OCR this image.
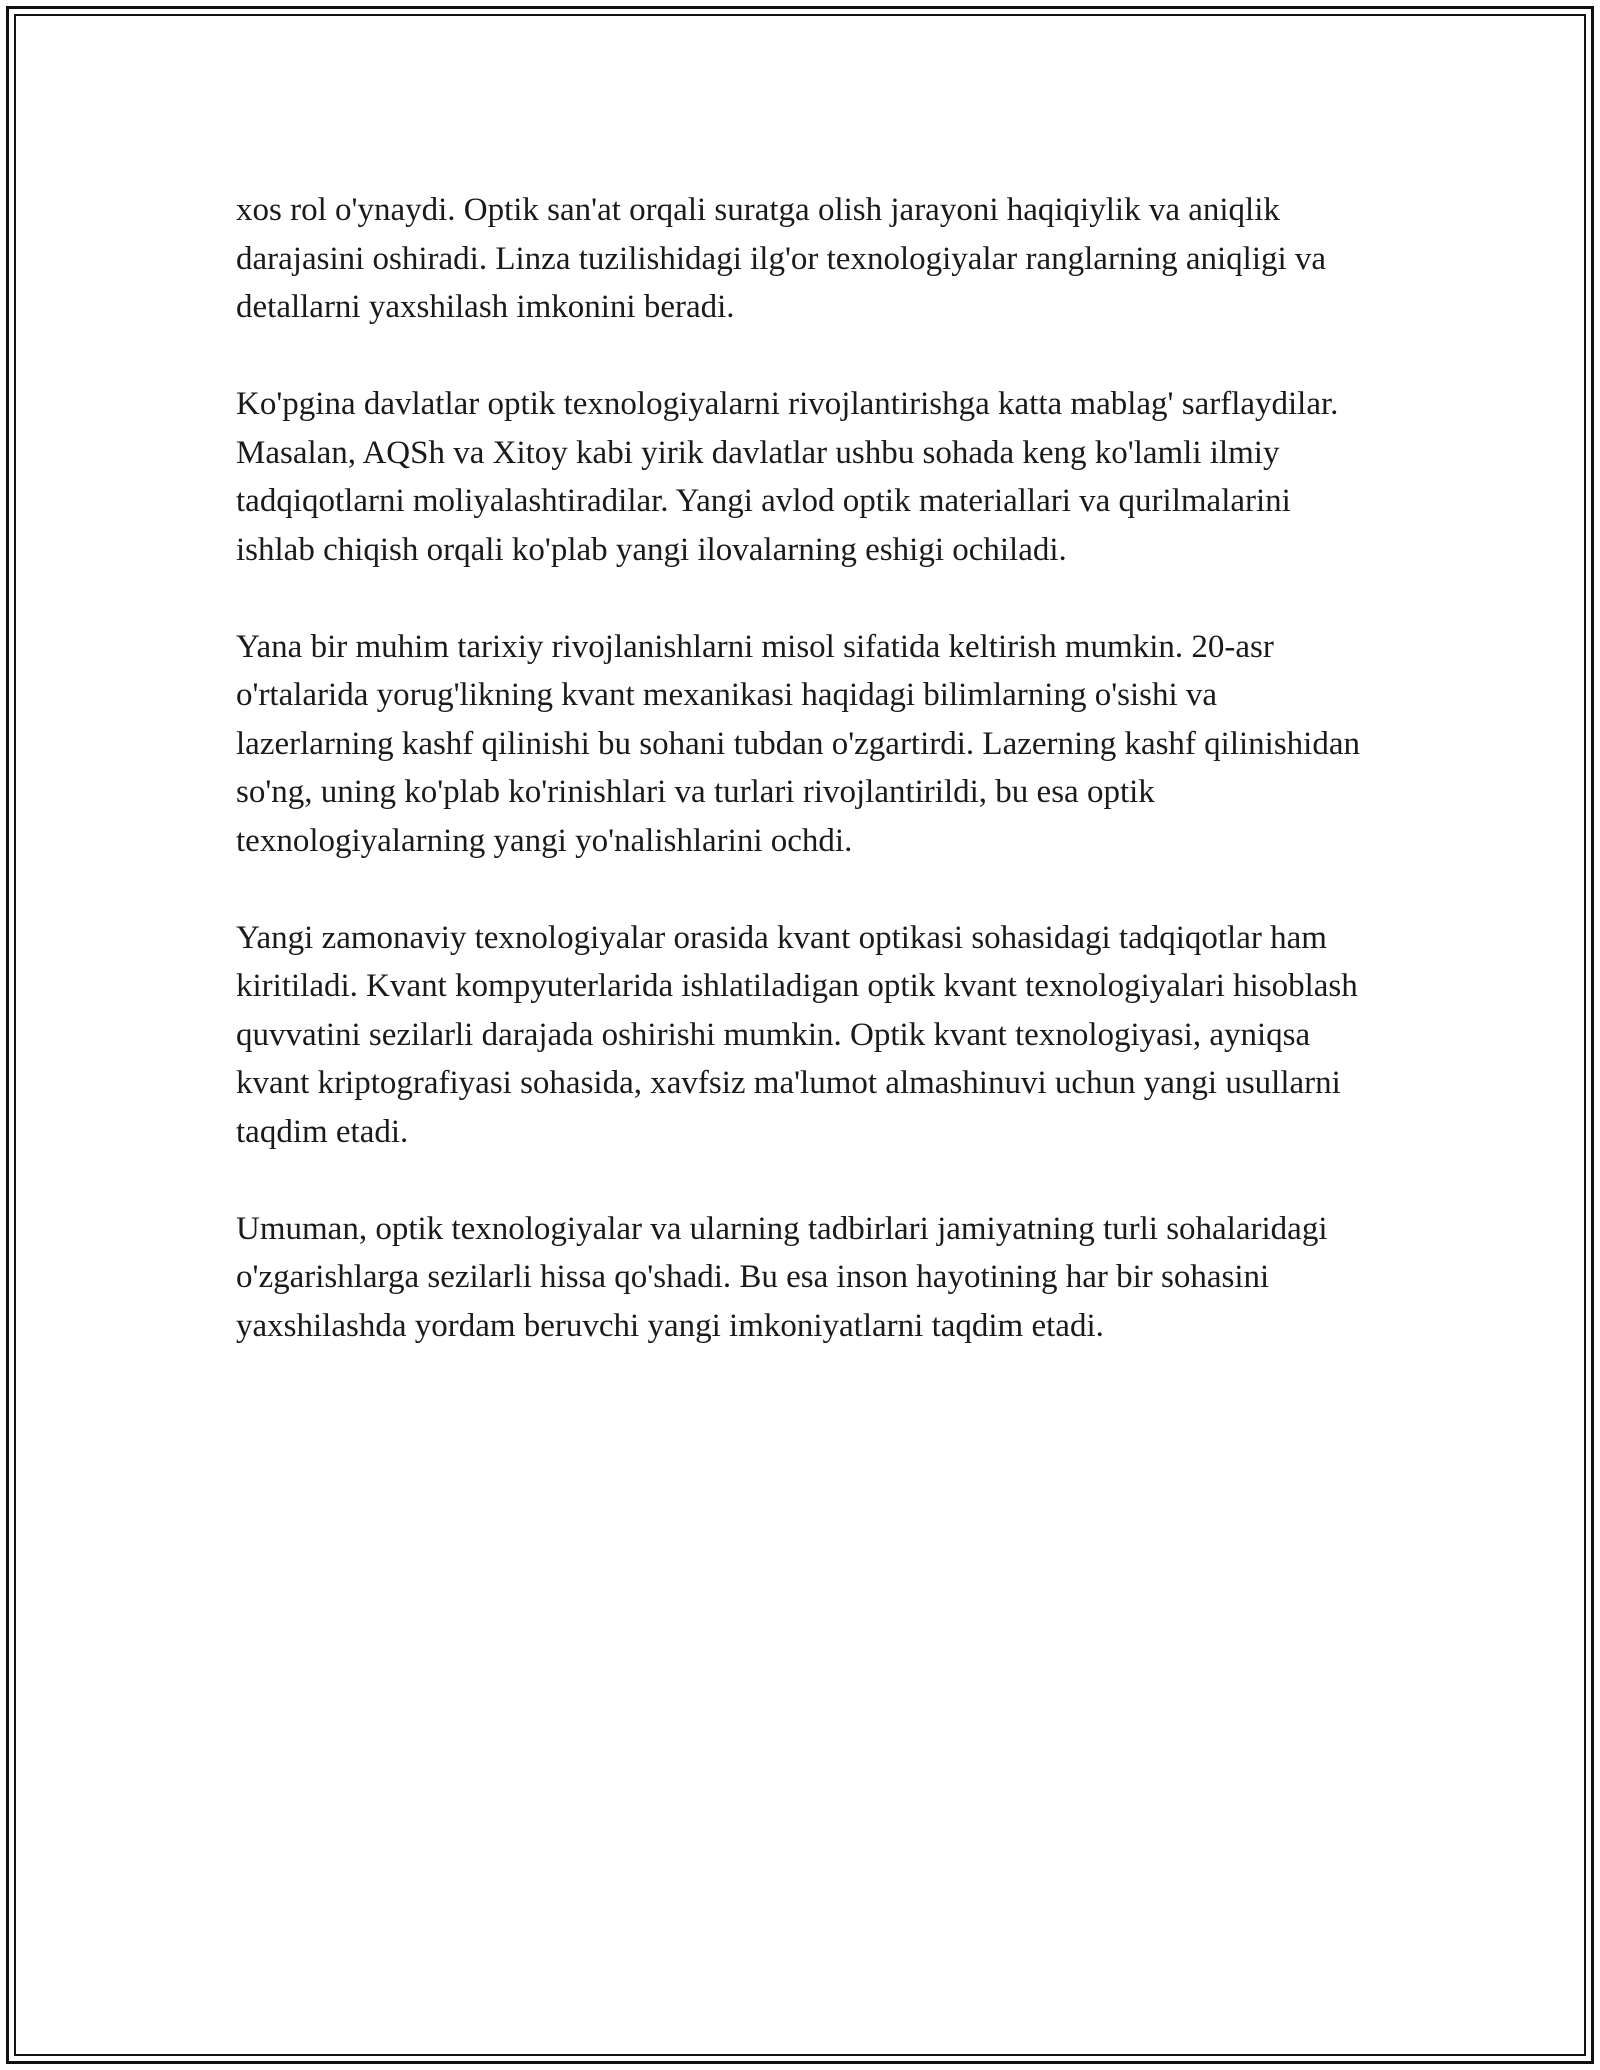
xos rol o'ynaydi. Optik san'at orqali suratga olish jarayoni haqiqiylik va aniqlik darajasini oshiradi. Linza tuzilishidagi ilg'or texnologiyalar ranglarning aniqligi va detallarni yaxshilash imkonini beradi.

Ko'pgina davlatlar optik texnologiyalarni rivojlantirishga katta mablag' sarflaydilar. Masalan, AQSh va Xitoy kabi yirik davlatlar ushbu sohada keng ko'lamli ilmiy tadqiqotlarni moliyalashtiradilar. Yangi avlod optik materiallari va qurilmalarini ishlab chiqish orqali ko'plab yangi ilovalarning eshigi ochiladi.

Yana bir muhim tarixiy rivojlanishlarni misol sifatida keltirish mumkin. 20-asr o'rtalarida yorug'likning kvant mexanikasi haqidagi bilimlarning o'sishi va lazerlarning kashf qilinishi bu sohani tubdan o'zgartirdi. Lazerning kashf qilinishidan so'ng, uning ko'plab ko'rinishlari va turlari rivojlantirildi, bu esa optik texnologiyalarning yangi yo'nalishlarini ochdi.

Yangi zamonaviy texnologiyalar orasida kvant optikasi sohasidagi tadqiqotlar ham kiritiladi. Kvant kompyuterlarida ishlatiladigan optik kvant texnologiyalari hisoblash quvvatini sezilarli darajada oshirishi mumkin. Optik kvant texnologiyasi, ayniqsa kvant kriptografiyasi sohasida, xavfsiz ma'lumot almashinuvi uchun yangi usullarni taqdim etadi.

Umuman, optik texnologiyalar va ularning tadbirlari jamiyatning turli sohalaridagi o'zgarishlarga sezilarli hissa qo'shadi. Bu esa inson hayotining har bir sohasini yaxshilashda yordam beruvchi yangi imkoniyatlarni taqdim etadi.
